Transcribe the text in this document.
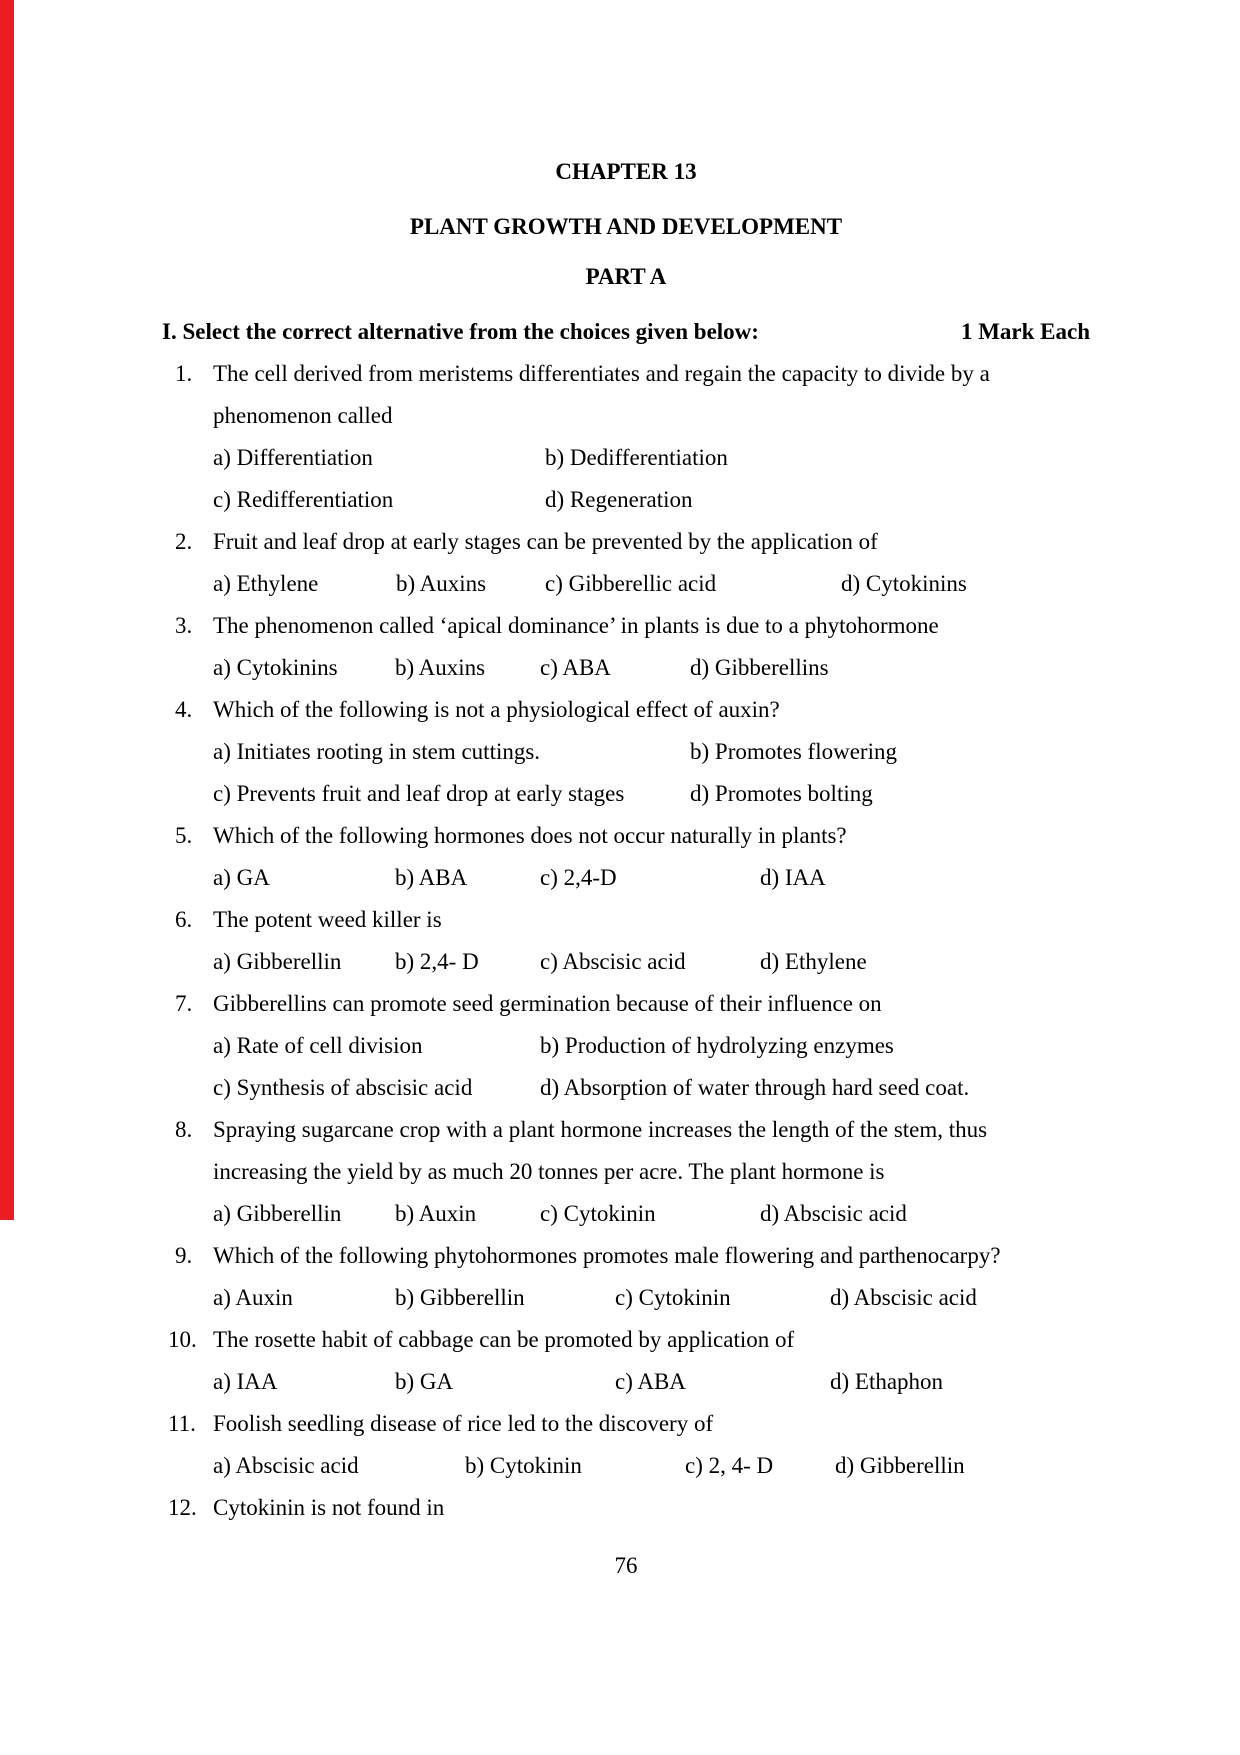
CHAPTER 13
PLANT GROWTH AND DEVELOPMENT
PART A
I. Select the correct alternative from the choices given below:	1 Mark Each
1. The cell derived from meristems differentiates and regain the capacity to divide by a
phenomenon called
a) Differentiation	b) Dedifferentiation
c) Redifferentiation	d) Regeneration
2. Fruit and leaf drop at early stages can be prevented by the application of
a) Ethylene	b) Auxins	c) Gibberellic acid	d) Cytokinins
3. The phenomenon called ‘apical dominance’ in plants is due to a phytohormone
a) Cytokinins	b) Auxins	c) ABA	d) Gibberellins
4. Which of the following is not a physiological effect of auxin?
a) Initiates rooting in stem cuttings.	b) Promotes flowering
c) Prevents fruit and leaf drop at early stages	d) Promotes bolting
5. Which of the following hormones does not occur naturally in plants?
a) GA	b) ABA	c) 2,4-D	d) IAA
6. The potent weed killer is
a) Gibberellin	b) 2,4- D	c) Abscisic acid	d) Ethylene
7. Gibberellins can promote seed germination because of their influence on
a) Rate of cell division	b) Production of hydrolyzing enzymes
c) Synthesis of abscisic acid	d) Absorption of water through hard seed coat.
8. Spraying sugarcane crop with a plant hormone increases the length of the stem, thus
increasing the yield by as much 20 tonnes per acre. The plant hormone is
a) Gibberellin	b) Auxin	c) Cytokinin	d) Abscisic acid
9. Which of the following phytohormones promotes male flowering and parthenocarpy?
a) Auxin	b) Gibberellin	c) Cytokinin	d) Abscisic acid
10. The rosette habit of cabbage can be promoted by application of
a) IAA	b) GA	c) ABA	d) Ethaphon
11. Foolish seedling disease of rice led to the discovery of
a) Abscisic acid	b) Cytokinin	c) 2, 4- D	d) Gibberellin
12. Cytokinin is not found in
76
